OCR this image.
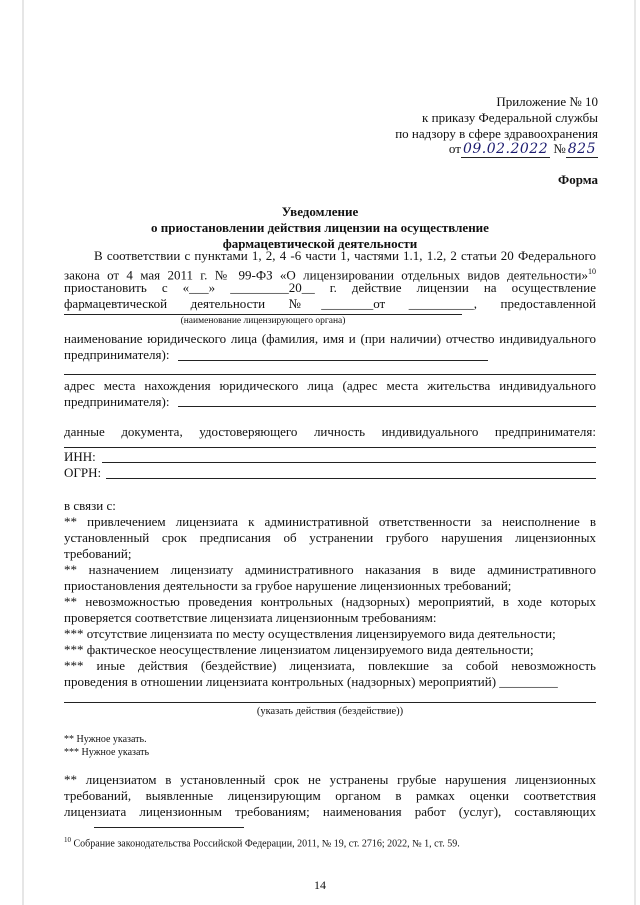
Приложение № 10
к приказу Федеральной службы
по надзору в сфере здравоохранения
от 09.02.2022 № 825
Форма
Уведомление
о приостановлении действия лицензии на осуществление
фармацевтической деятельности
В соответствии с пунктами 1, 2, 4 -6 части 1, частями 1.1, 1.2, 2 статьи 20 Федерального
закона от 4 мая 2011 г. № 99-ФЗ «О лицензировании отдельных видов деятельности»$^{10}$
приостановить с «___» _________20__ г. действие лицензии на осуществление
фармацевтической деятельности №________от __________, предоставленной
(наименование лицензирующего органа)
наименование юридического лица (фамилия, имя и (при наличии) отчество индивидуального
предпринимателя):
адрес места нахождения юридического лица (адрес места жительства индивидуального
предпринимателя):
данные документа, удостоверяющего личность индивидуального предпринимателя:
ИНН:
ОГРН:
в связи с:
** привлечением лицензиата к административной ответственности за неисполнение в
установленный срок предписания об устранении грубого нарушения лицензионных
требований;
** назначением лицензиату административного наказания в виде административного
приостановления деятельности за грубое нарушение лицензионных требований;
** невозможностью проведения контрольных (надзорных) мероприятий, в ходе которых
проверяется соответствие лицензиата лицензионным требованиям:
*** отсутствие лицензиата по месту осуществления лицензируемого вида деятельности;
*** фактическое неосуществление лицензиатом лицензируемого вида деятельности;
*** иные действия (бездействие) лицензиата, повлекшие за собой невозможность
проведения в отношении лицензиата контрольных (надзорных) мероприятий) _________
(указать действия (бездействие))
** Нужное указать.
*** Нужное указать
** лицензиатом в установленный срок не устранены грубые нарушения лицензионных
требований, выявленные лицензирующим органом в рамках оценки соответствия
лицензиата лицензионным требованиям; наименования работ (услуг), составляющих
$^{10}$ Собрание законодательства Российской Федерации, 2011, № 19, ст. 2716; 2022, № 1, ст. 59.
14
